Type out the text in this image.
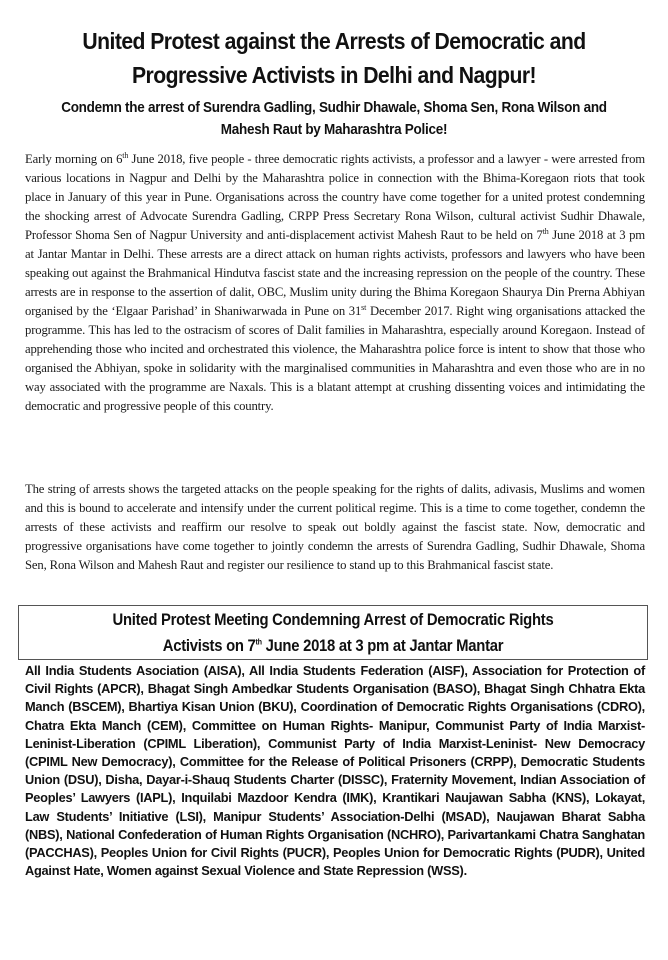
United Protest against the Arrests of Democratic and Progressive Activists in Delhi and Nagpur!
Condemn the arrest of Surendra Gadling, Sudhir Dhawale, Shoma Sen, Rona Wilson and Mahesh Raut by Maharashtra Police!
Early morning on 6th June 2018, five people - three democratic rights activists, a professor and a lawyer - were arrested from various locations in Nagpur and Delhi by the Maharashtra police in connection with the Bhima-Koregaon riots that took place in January of this year in Pune. Organisations across the country have come together for a united protest condemning the shocking arrest of Advocate Surendra Gadling, CRPP Press Secretary Rona Wilson, cultural activist Sudhir Dhawale, Professor Shoma Sen of Nagpur University and anti-displacement activist Mahesh Raut to be held on 7th June 2018 at 3 pm at Jantar Mantar in Delhi. These arrests are a direct attack on human rights activists, professors and lawyers who have been speaking out against the Brahmanical Hindutva fascist state and the increasing repression on the people of the country. These arrests are in response to the assertion of dalit, OBC, Muslim unity during the Bhima Koregaon Shaurya Din Prerna Abhiyan organised by the ‘Elgaar Parishad’ in Shaniwarwada in Pune on 31st December 2017. Right wing organisations attacked the programme. This has led to the ostracism of scores of Dalit families in Maharashtra, especially around Koregaon. Instead of apprehending those who incited and orchestrated this violence, the Maharashtra police force is intent to show that those who organised the Abhiyan, spoke in solidarity with the marginalised communities in Maharashtra and even those who are in no way associated with the programme are Naxals. This is a blatant attempt at crushing dissenting voices and intimidating the democratic and progressive people of this country.
The string of arrests shows the targeted attacks on the people speaking for the rights of dalits, adivasis, Muslims and women and this is bound to accelerate and intensify under the current political regime. This is a time to come together, condemn the arrests of these activists and reaffirm our resolve to speak out boldly against the fascist state. Now, democratic and progressive organisations have come together to jointly condemn the arrests of Surendra Gadling, Sudhir Dhawale, Shoma Sen, Rona Wilson and Mahesh Raut and register our resilience to stand up to this Brahmanical fascist state.
United Protest Meeting Condemning Arrest of Democratic Rights
Activists on 7th June 2018 at 3 pm at Jantar Mantar
All India Students Asociation (AISA), All India Students Federation (AISF), Association for Protection of Civil Rights (APCR), Bhagat Singh Ambedkar Students Organisation (BASO), Bhagat Singh Chhatra Ekta Manch (BSCEM), Bhartiya Kisan Union (BKU), Coordination of Democratic Rights Organisations (CDRO), Chatra Ekta Manch (CEM), Committee on Human Rights- Manipur, Communist Party of India Marxist-Leninist-Liberation (CPIML Liberation), Communist Party of India Marxist-Leninist- New Democracy (CPIML New Democracy), Committee for the Release of Political Prisoners (CRPP), Democratic Students Union (DSU), Disha, Dayar-i-Shauq Students Charter (DISSC), Fraternity Movement, Indian Association of Peoples’ Lawyers (IAPL), Inquilabi Mazdoor Kendra (IMK), Krantikari Naujawan Sabha (KNS), Lokayat, Law Students’ Initiative (LSI), Manipur Students’ Association-Delhi (MSAD), Naujawan Bharat Sabha (NBS), National Confederation of Human Rights Organisation (NCHRO), Parivartankami Chatra Sanghatan (PACCHAS), Peoples Union for Civil Rights (PUCR), Peoples Union for Democratic Rights (PUDR), United Against Hate, Women against Sexual Violence and State Repression (WSS).
